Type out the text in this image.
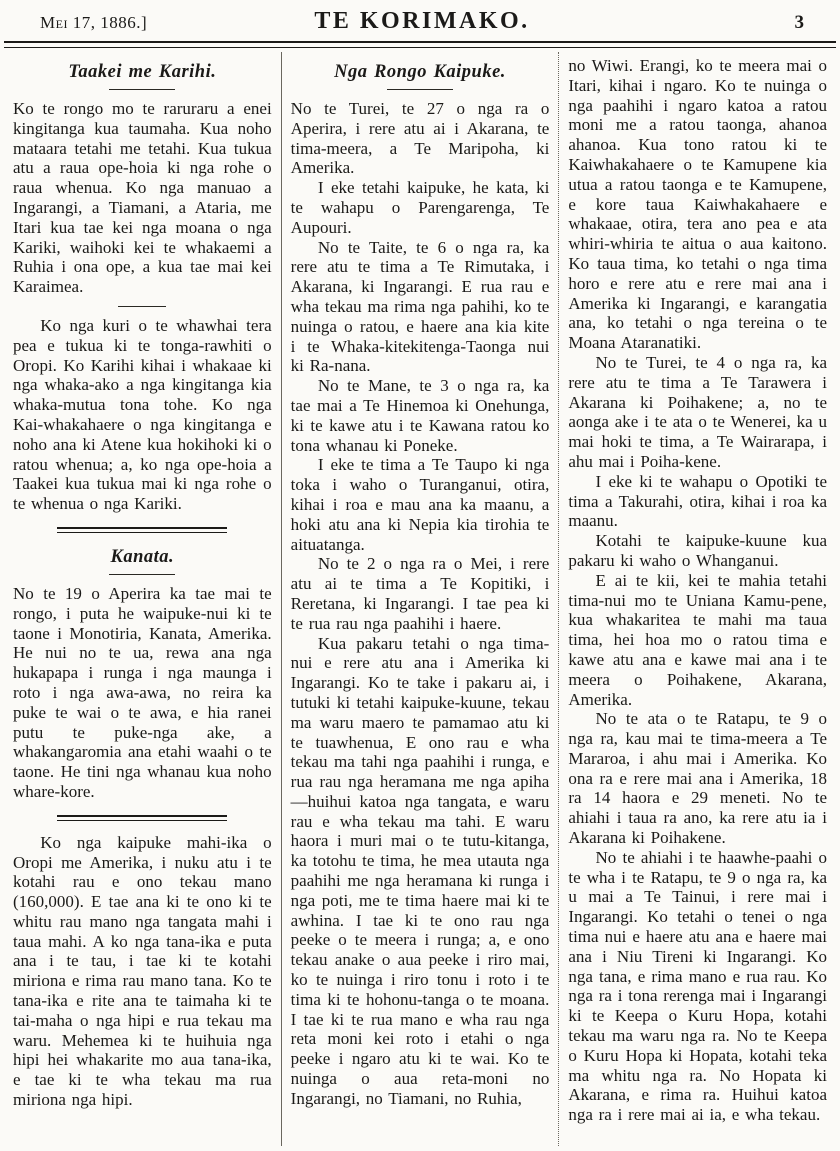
Mei 17, 1886.]	TE KORIMAKO.	3
Taakei me Karihi.

Ko te rongo mo te raruraru a enei kingitanga kua taumaha. Kua noho mataara tetahi me tetahi. Kua tukua atu a raua ope-hoia ki nga rohe o raua whenua. Ko nga manuao a Ingarangi, a Tiamani, a Ataria, me Itari kua tae kei nga moana o nga Kariki, waihoki kei te whakaemi a Ruhia i ona ope, a kua tae mai kei Karaimea.

Ko nga kuri o te whawhai tera pea e tukua ki te tonga-rawhiti o Oropi. Ko Karihi kihai i whakaae ki nga whaka-ako a nga kingitanga kia whaka-mutua tona tohe. Ko nga Kai-whakahaere o nga kingitanga e noho ana ki Atene kua hokihoki ki o ratou whenua; a, ko nga ope-hoia a Taakei kua tukua mai ki nga rohe o te whenua o nga Kariki.

Kanata.

No te 19 o Aperira ka tae mai te rongo, i puta he waipuke-nui ki te taone i Monotiria, Kanata, Amerika. He nui no te ua, rewa ana nga hukapapa i runga i nga maunga i roto i nga awa-awa, no reira ka puke te wai o te awa, e hia ranei putu te puke-nga ake, a whakangaromia ana etahi waahi o te taone. He tini nga whanau kua noho whare-kore.

Ko nga kaipuke mahi-ika o Oropi me Amerika, i nuku atu i te kotahi rau e ono tekau mano (160,000). E tae ana ki te ono ki te whitu rau mano nga tangata mahi i taua mahi. A ko nga tana-ika e puta ana i te tau, i tae ki te kotahi miriona e rima rau mano tana. Ko te tana-ika e rite ana te taimaha ki te tai-maha o nga hipi e rua tekau ma waru. Mehemea ki te huihuia nga hipi hei whakarite mo aua tana-ika, e tae ki te wha tekau ma rua miriona nga hipi.

Nga Rongo Kaipuke.

No te Turei, te 27 o nga ra o Aperira, i rere atu ai i Akarana, te tima-meera, a Te Maripoha, ki Amerika.

I eke tetahi kaipuke, he kata, ki te wahapu o Parengarenga, Te Aupouri.

No te Taite, te 6 o nga ra, ka rere atu te tima a Te Rimutaka, i Akarana, ki Ingarangi. E rua rau e wha tekau ma rima nga pahihi, ko te nuinga o ratou, e haere ana kia kite i te Whaka-kitekitenga-Taonga nui ki Ra-nana.

No te Mane, te 3 o nga ra, ka tae mai a Te Hinemoa ki Onehunga, ki te kawe atu i te Kawana ratou ko tona whanau ki Poneke.

I eke te tima a Te Taupo ki nga toka i waho o Turanganui, otira, kihai i roa e mau ana ka maanu, a hoki atu ana ki Nepia kia tirohia te aituatanga.

No te 2 o nga ra o Mei, i rere atu ai te tima a Te Kopitiki, i Reretana, ki Ingarangi. I tae pea ki te rua rau nga paahihi i haere.

Kua pakaru tetahi o nga tima-nui e rere atu ana i Amerika ki Ingarangi. Ko te take i pakaru ai, i tutuki ki tetahi kaipuke-kuune, tekau ma waru maero te pamamao atu ki te tuawhenua, E ono rau e wha tekau ma tahi nga paahihi i runga, e rua rau nga heramana me nga apiha—huihui katoa nga tangata, e waru rau e wha tekau ma tahi. E waru haora i muri mai o te tutu-kitanga, ka totohu te tima, he mea utauta nga paahihi me nga heramana ki runga i nga poti, me te tima haere mai ki te awhina. I tae ki te ono rau nga peeke o te meera i runga; a, e ono tekau anake o aua peeke i riro mai, ko te nuinga i riro tonu i roto i te tima ki te hohonu-tanga o te moana. I tae ki te rua mano e wha rau nga reta moni kei roto i etahi o nga peeke i ngaro atu ki te wai. Ko te nuinga o aua reta-moni no Ingarangi, no Tiamani, no Ruhia,

no Wiwi. Erangi, ko te meera mai o Itari, kihai i ngaro. Ko te nuinga o nga paahihi i ngaro katoa a ratou moni me a ratou taonga, ahanoa ahanoa. Kua tono ratou ki te Kaiwhakahaere o te Kamupene kia utua a ratou taonga e te Kamupene, e kore taua Kaiwhakahaere e whakaae, otira, tera ano pea e ata whiri-whiria te aitua o aua kaitono. Ko taua tima, ko tetahi o nga tima horo e rere atu e rere mai ana i Amerika ki Ingarangi, e karangatia ana, ko tetahi o nga tereina o te Moana Ataranatiki.

No te Turei, te 4 o nga ra, ka rere atu te tima a Te Tarawera i Akarana ki Poihakene; a, no te aonga ake i te ata o te Wenerei, ka u mai hoki te tima, a Te Wairarapa, i ahu mai i Poiha-kene.

I eke ki te wahapu o Opotiki te tima a Takurahi, otira, kihai i roa ka maanu.

Kotahi te kaipuke-kuune kua pakaru ki waho o Whanganui.

E ai te kii, kei te mahia tetahi tima-nui mo te Uniana Kamu-pene, kua whakaritea te mahi ma taua tima, hei hoa mo o ratou tima e kawe atu ana e kawe mai ana i te meera o Poihakene, Akarana, Amerika.

No te ata o te Ratapu, te 9 o nga ra, kau mai te tima-meera a Te Mararoa, i ahu mai i Amerika. Ko ona ra e rere mai ana i Amerika, 18 ra 14 haora e 29 meneti. No te ahiahi i taua ra ano, ka rere atu ia i Akarana ki Poihakene.

No te ahiahi i te haawhe-paahi o te wha i te Ratapu, te 9 o nga ra, ka u mai a Te Tainui, i rere mai i Ingarangi. Ko tetahi o tenei o nga tima nui e haere atu ana e haere mai ana i Niu Tireni ki Ingarangi. Ko nga tana, e rima mano e rua rau. Ko nga ra i tona rerenga mai i Ingarangi ki te Keepa o Kuru Hopa, kotahi tekau ma waru nga ra. No te Keepa o Kuru Hopa ki Hopata, kotahi teka ma whitu nga ra. No Hopata ki Akarana, e rima ra. Huihui katoa nga ra i rere mai ai ia, e wha tekau.
